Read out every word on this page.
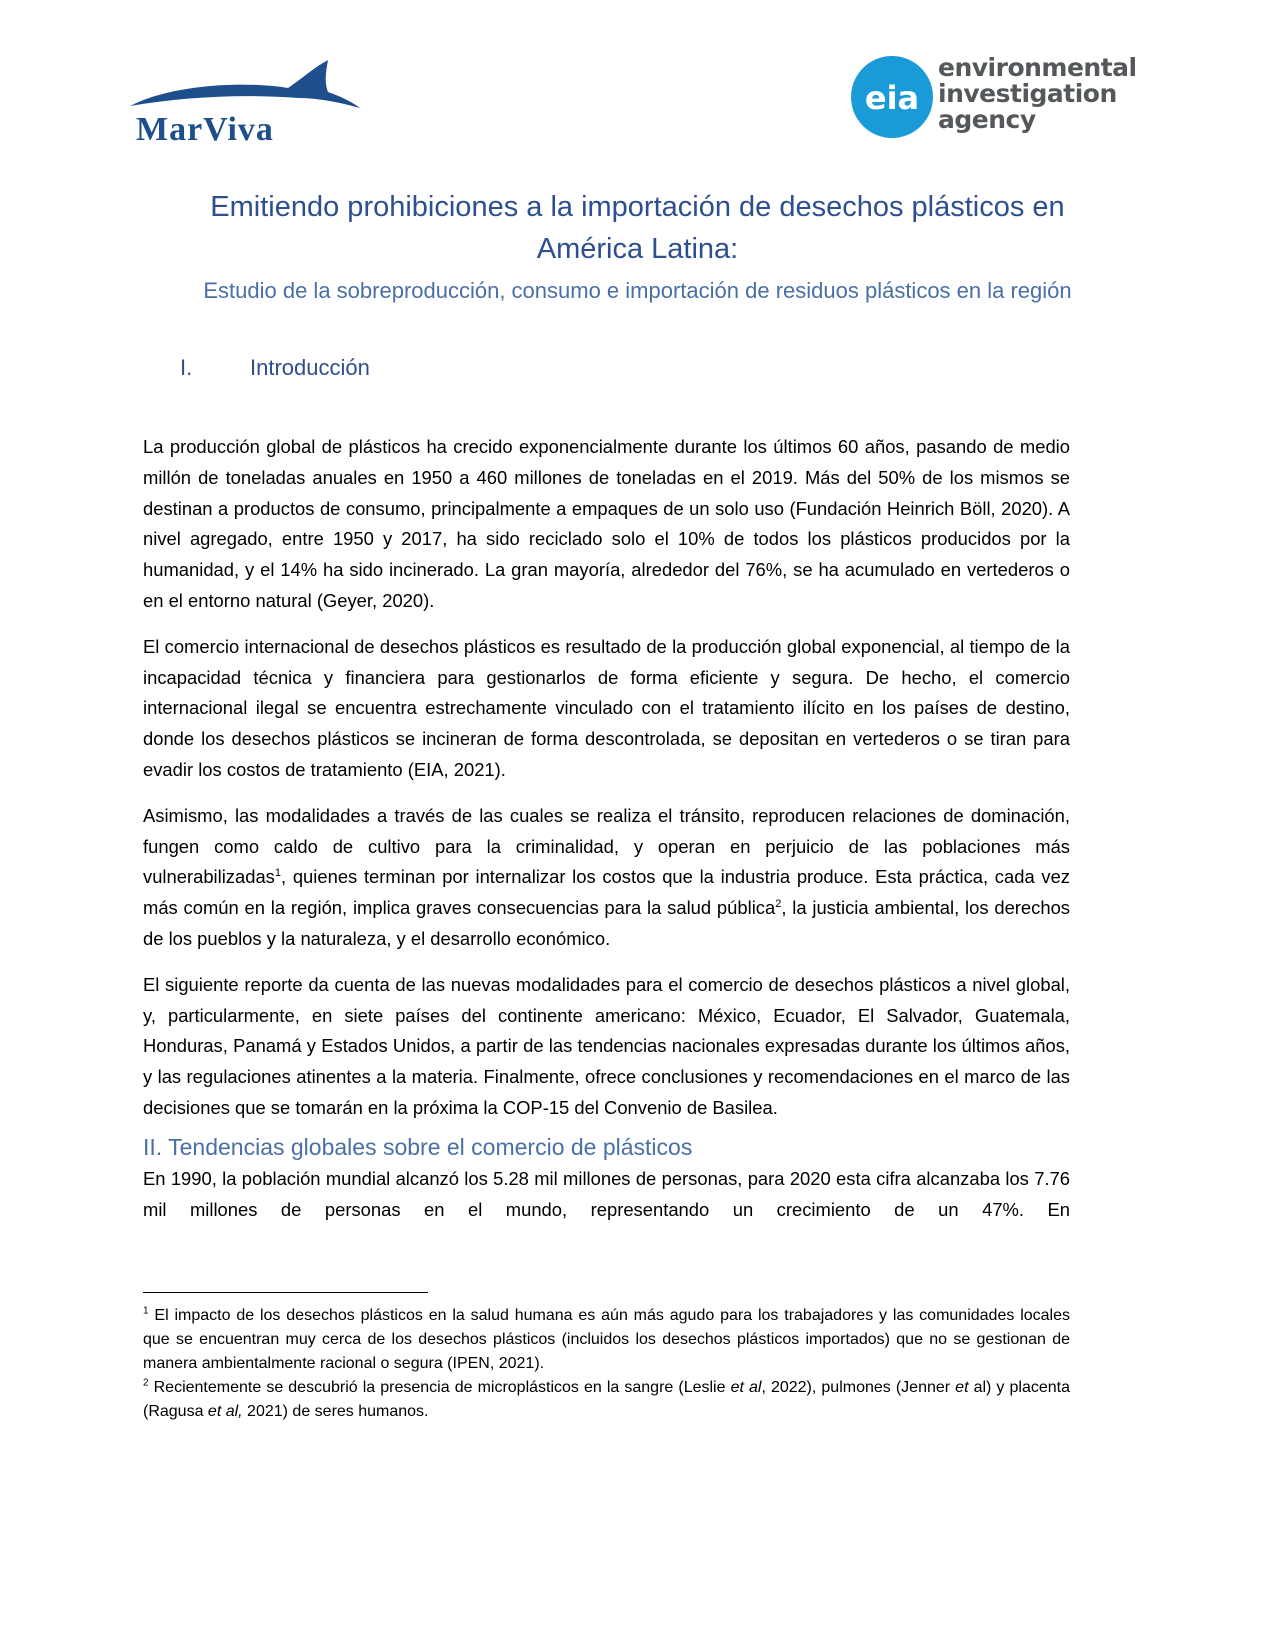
MarViva
eia
environmental
investigation
agency
Emitiendo prohibiciones a la importación de desechos plásticos en
América Latina:
Estudio de la sobreproducción, consumo e importación de residuos plásticos en la región
I.	Introducción

La producción global de plásticos ha crecido exponencialmente durante los últimos 60 años, pasando de medio millón de toneladas anuales en 1950 a 460 millones de toneladas en el 2019. Más del 50% de los mismos se destinan a productos de consumo, principalmente a empaques de un solo uso (Fundación Heinrich Böll, 2020). A nivel agregado, entre 1950 y 2017, ha sido reciclado solo el 10% de todos los plásticos producidos por la humanidad, y el 14% ha sido incinerado. La gran mayoría, alrededor del 76%, se ha acumulado en vertederos o en el entorno natural (Geyer, 2020).

El comercio internacional de desechos plásticos es resultado de la producción global exponencial, al tiempo de la incapacidad técnica y financiera para gestionarlos de forma eficiente y segura. De hecho, el comercio internacional ilegal se encuentra estrechamente vinculado con el tratamiento ilícito en los países de destino, donde los desechos plásticos se incineran de forma descontrolada, se depositan en vertederos o se tiran para evadir los costos de tratamiento (EIA, 2021).

Asimismo, las modalidades a través de las cuales se realiza el tránsito, reproducen relaciones de dominación, fungen como caldo de cultivo para la criminalidad, y operan en perjuicio de las poblaciones más vulnerabilizadas$^1$, quienes terminan por internalizar los costos que la industria produce. Esta práctica, cada vez más común en la región, implica graves consecuencias para la salud pública$^2$, la justicia ambiental, los derechos de los pueblos y la naturaleza, y el desarrollo económico.

El siguiente reporte da cuenta de las nuevas modalidades para el comercio de desechos plásticos a nivel global, y, particularmente, en siete países del continente americano: México, Ecuador, El Salvador, Guatemala, Honduras, Panamá y Estados Unidos, a partir de las tendencias nacionales expresadas durante los últimos años, y las regulaciones atinentes a la materia. Finalmente, ofrece conclusiones y recomendaciones en el marco de las decisiones que se tomarán en la próxima la COP-15 del Convenio de Basilea.

II. Tendencias globales sobre el comercio de plásticos

En 1990, la población mundial alcanzó los 5.28 mil millones de personas, para 2020 esta cifra alcanzaba los 7.76 mil millones de personas en el mundo, representando un crecimiento de un 47%. En

$^1$ El impacto de los desechos plásticos en la salud humana es aún más agudo para los trabajadores y las comunidades locales que se encuentran muy cerca de los desechos plásticos (incluidos los desechos plásticos importados) que no se gestionan de manera ambientalmente racional o segura (IPEN, 2021).

$^2$ Recientemente se descubrió la presencia de microplásticos en la sangre (Leslie et al, 2022), pulmones (Jenner et al) y placenta (Ragusa et al, 2021) de seres humanos.
